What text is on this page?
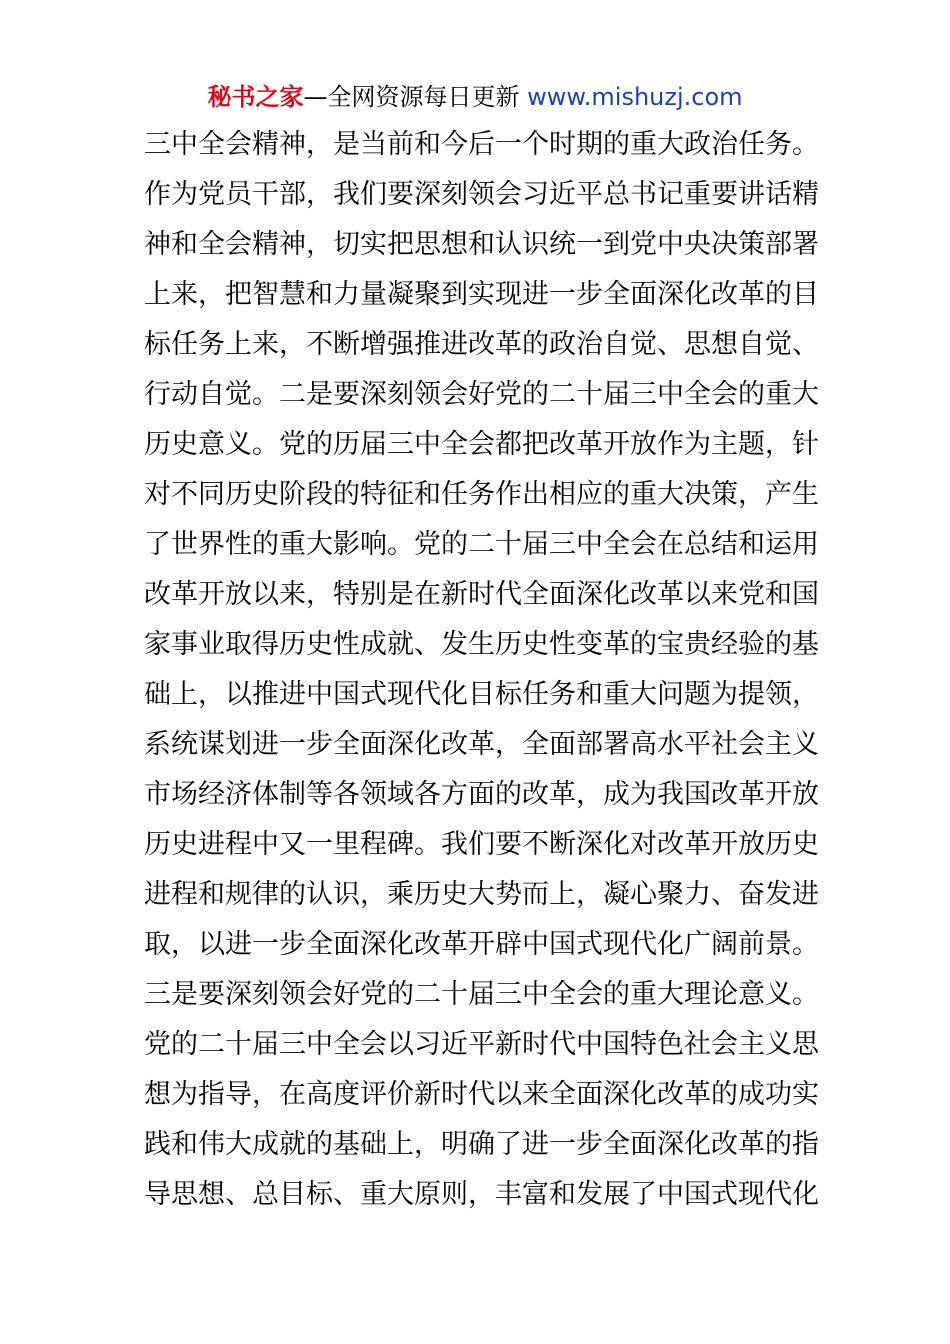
秘书之家—全网资源每日更新 www.mishuzj.com
三中全会精神，是当前和今后一个时期的重大政治任务。
作为党员干部，我们要深刻领会习近平总书记重要讲话精
神和全会精神，切实把思想和认识统一到党中央决策部署
上来，把智慧和力量凝聚到实现进一步全面深化改革的目
标任务上来，不断增强推进改革的政治自觉、思想自觉、
行动自觉。二是要深刻领会好党的二十届三中全会的重大
历史意义。党的历届三中全会都把改革开放作为主题，针
对不同历史阶段的特征和任务作出相应的重大决策，产生
了世界性的重大影响。党的二十届三中全会在总结和运用
改革开放以来，特别是在新时代全面深化改革以来党和国
家事业取得历史性成就、发生历史性变革的宝贵经验的基
础上，以推进中国式现代化目标任务和重大问题为提领，
系统谋划进一步全面深化改革，全面部署高水平社会主义
市场经济体制等各领域各方面的改革，成为我国改革开放
历史进程中又一里程碑。我们要不断深化对改革开放历史
进程和规律的认识，乘历史大势而上，凝心聚力、奋发进
取，以进一步全面深化改革开辟中国式现代化广阔前景。
三是要深刻领会好党的二十届三中全会的重大理论意义。
党的二十届三中全会以习近平新时代中国特色社会主义思
想为指导，在高度评价新时代以来全面深化改革的成功实
践和伟大成就的基础上，明确了进一步全面深化改革的指
导思想、总目标、重大原则，丰富和发展了中国式现代化
